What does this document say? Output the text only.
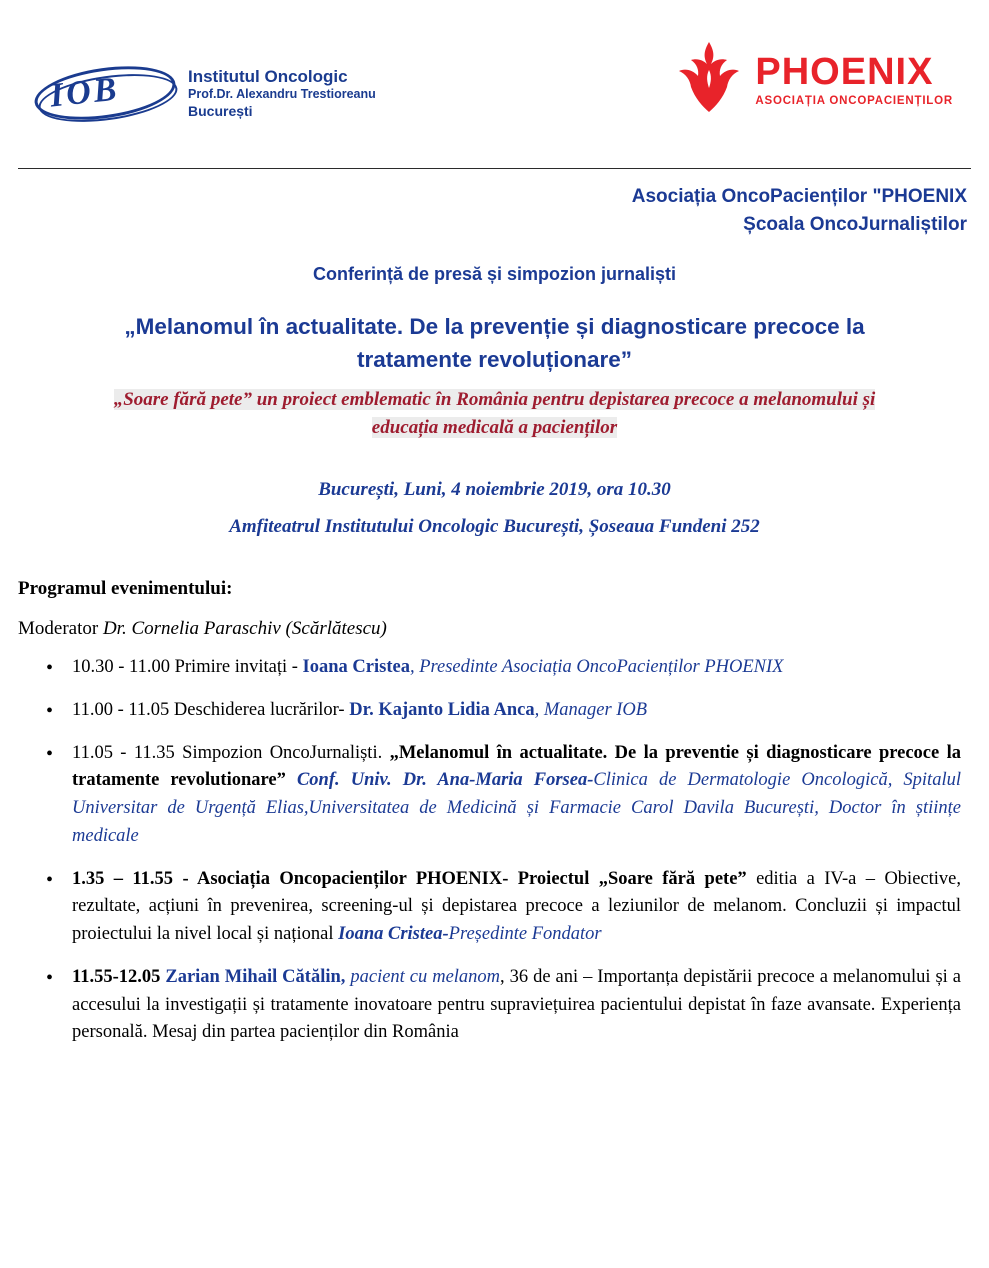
IOB	Institutul Oncologic
Prof.Dr. Alexandru Trestioreanu
București
PHOENIX
ASOCIAȚIA ONCOPACIENȚILOR
Asociația OncoPacienților "PHOENIX
Școala OncoJurnaliștilor
Conferință de presă și simpozion jurnaliști
„Melanomul în actualitate. De la prevenție și diagnosticare precoce la
tratamente revoluționare”
„Soare fără pete” un proiect emblematic în România pentru depistarea precoce a melanomului și
educația medicală a pacienților
București, Luni, 4 noiembrie 2019, ora 10.30
Amfiteatrul Institutului Oncologic București, Șoseaua Fundeni 252
Programul evenimentului:
Moderator Dr. Cornelia Paraschiv (Scărlătescu)
• 10.30 - 11.00 Primire invitați - Ioana Cristea, Presedinte Asociația OncoPacienților PHOENIX
• 11.00 - 11.05 Deschiderea lucrărilor- Dr. Kajanto Lidia Anca, Manager IOB
• 11.05 - 11.35 Simpozion OncoJurnaliști. „Melanomul în actualitate. De la preventie și diagnosticare precoce la tratamente revolutionare” Conf. Univ. Dr. Ana-Maria Forsea-Clinica de Dermatologie Oncologică, Spitalul Universitar de Urgență Elias,Universitatea de Medicină și Farmacie Carol Davila București, Doctor în științe medicale
• 1.35 – 11.55 - Asociația Oncopacienților PHOENIX- Proiectul „Soare fără pete” editia a IV-a – Obiective, rezultate, acțiuni în prevenirea, screening-ul și depistarea precoce a leziunilor de melanom. Concluzii și impactul proiectului la nivel local și național Ioana Cristea-Președinte Fondator
• 11.55-12.05 Zarian Mihail Cătălin, pacient cu melanom, 36 de ani – Importanța depistării precoce a melanomului și a accesului la investigații și tratamente inovatoare pentru supraviețuirea pacientului depistat în faze avansate. Experiența personală. Mesaj din partea pacienților din România
